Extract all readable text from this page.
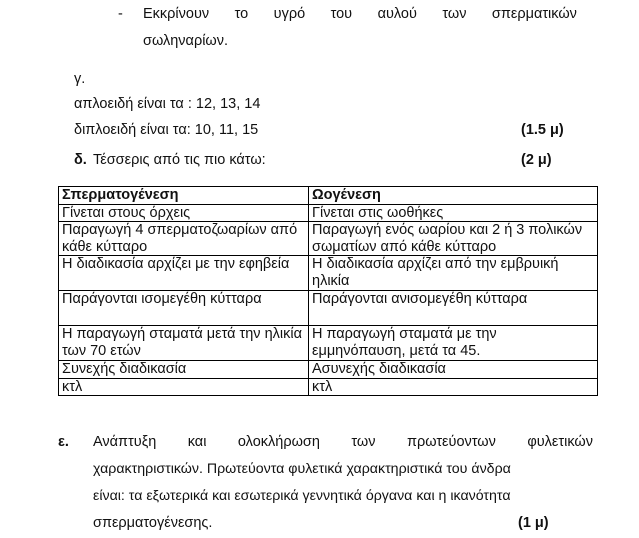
- Εκκρίνουν το υγρό του αυλού των σπερματικών
σωληναρίων.
γ.
απλοειδή είναι τα : 12, 13, 14
διπλοειδή είναι τα: 10, 11, 15	(1.5 μ)
δ. Τέσσερις από τις πιο κάτω:	(2 μ)
Σπερματογένεση	Ωογένεση
Γίνεται στους όρχεις	Γίνεται στις ωοθήκες
Παραγωγή 4 σπερματοζωαρίων από κάθε κύτταρο	Παραγωγή ενός ωαρίου και 2 ή 3 πολικών σωματίων από κάθε κύτταρο
Η διαδικασία αρχίζει με την εφηβεία	Η διαδικασία αρχίζει από την εμβρυική ηλικία
Παράγονται ισομεγέθη κύτταρα	Παράγονται ανισομεγέθη κύτταρα
Η παραγωγή σταματά μετά την ηλικία των 70 ετών	Η παραγωγή σταματά με την εμμηνόπαυση, μετά τα 45.
Συνεχής διαδικασία	Ασυνεχής διαδικασία
κτλ	κτλ
ε. Ανάπτυξη και ολοκλήρωση των πρωτεύοντων φυλετικών
χαρακτηριστικών. Πρωτεύοντα φυλετικά χαρακτηριστικά του άνδρα
είναι: τα εξωτερικά και εσωτερικά γεννητικά όργανα και η ικανότητα
σπερματογένεσης.	(1 μ)
